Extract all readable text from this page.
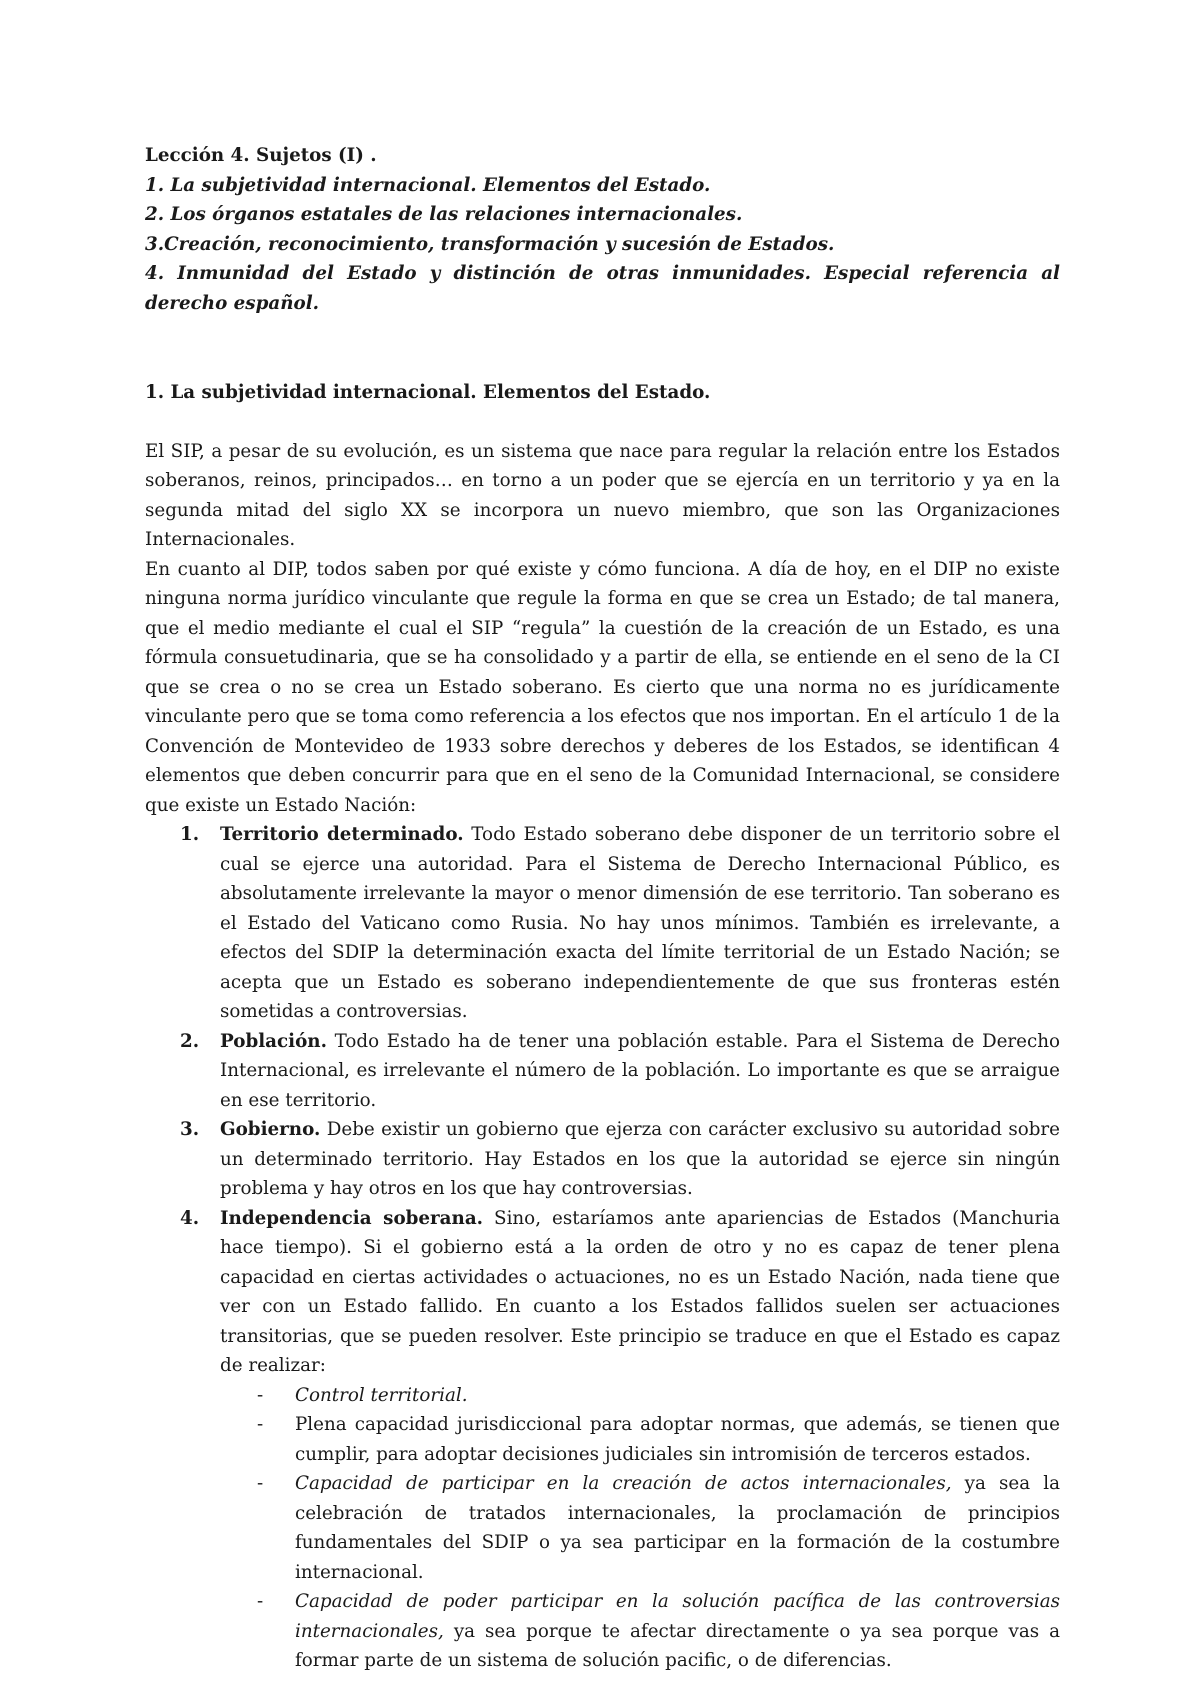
Lección 4. Sujetos (I) .

1. La subjetividad internacional. Elementos del Estado.

2. Los órganos estatales de las relaciones internacionales.

3.Creación, reconocimiento, transformación y sucesión de Estados.

4. Inmunidad del Estado y distinción de otras inmunidades. Especial referencia al derecho español.

1. La subjetividad internacional. Elementos del Estado.

El SIP, a pesar de su evolución, es un sistema que nace para regular la relación entre los Estados soberanos, reinos, principados… en torno a un poder que se ejercía en un territorio y ya en la segunda mitad del siglo XX se incorpora un nuevo miembro, que son las Organizaciones Internacionales.

En cuanto al DIP, todos saben por qué existe y cómo funciona. A día de hoy, en el DIP no existe ninguna norma jurídico vinculante que regule la forma en que se crea un Estado; de tal manera, que el medio mediante el cual el SIP “regula” la cuestión de la creación de un Estado, es una fórmula consuetudinaria, que se ha consolidado y a partir de ella, se entiende en el seno de la CI que se crea o no se crea un Estado soberano. Es cierto que una norma no es jurídicamente vinculante pero que se toma como referencia a los efectos que nos importan. En el artículo 1 de la Convención de Montevideo de 1933 sobre derechos y deberes de los Estados, se identifican 4 elementos que deben concurrir para que en el seno de la Comunidad Internacional, se considere que existe un Estado Nación:

1. Territorio determinado. Todo Estado soberano debe disponer de un territorio sobre el cual se ejerce una autoridad. Para el Sistema de Derecho Internacional Público, es absolutamente irrelevante la mayor o menor dimensión de ese territorio. Tan soberano es el Estado del Vaticano como Rusia. No hay unos mínimos. También es irrelevante, a efectos del SDIP la determinación exacta del límite territorial de un Estado Nación; se acepta que un Estado es soberano independientemente de que sus fronteras estén sometidas a controversias.
2. Población. Todo Estado ha de tener una población estable. Para el Sistema de Derecho Internacional, es irrelevante el número de la población. Lo importante es que se arraigue en ese territorio.
3. Gobierno. Debe existir un gobierno que ejerza con carácter exclusivo su autoridad sobre un determinado territorio. Hay Estados en los que la autoridad se ejerce sin ningún problema y hay otros en los que hay controversias.
4. Independencia soberana. Sino, estaríamos ante apariencias de Estados (Manchuria hace tiempo). Si el gobierno está a la orden de otro y no es capaz de tener plena capacidad en ciertas actividades o actuaciones, no es un Estado Nación, nada tiene que ver con un Estado fallido. En cuanto a los Estados fallidos suelen ser actuaciones transitorias, que se pueden resolver. Este principio se traduce en que el Estado es capaz de realizar:
- Control territorial.
- Plena capacidad jurisdiccional para adoptar normas, que además, se tienen que cumplir, para adoptar decisiones judiciales sin intromisión de terceros estados.
- Capacidad de participar en la creación de actos internacionales, ya sea la celebración de tratados internacionales, la proclamación de principios fundamentales del SDIP o ya sea participar en la formación de la costumbre internacional.
- Capacidad de poder participar en la solución pacífica de las controversias internacionales, ya sea porque te afectar directamente o ya sea porque vas a formar parte de un sistema de solución pacific, o de diferencias.
